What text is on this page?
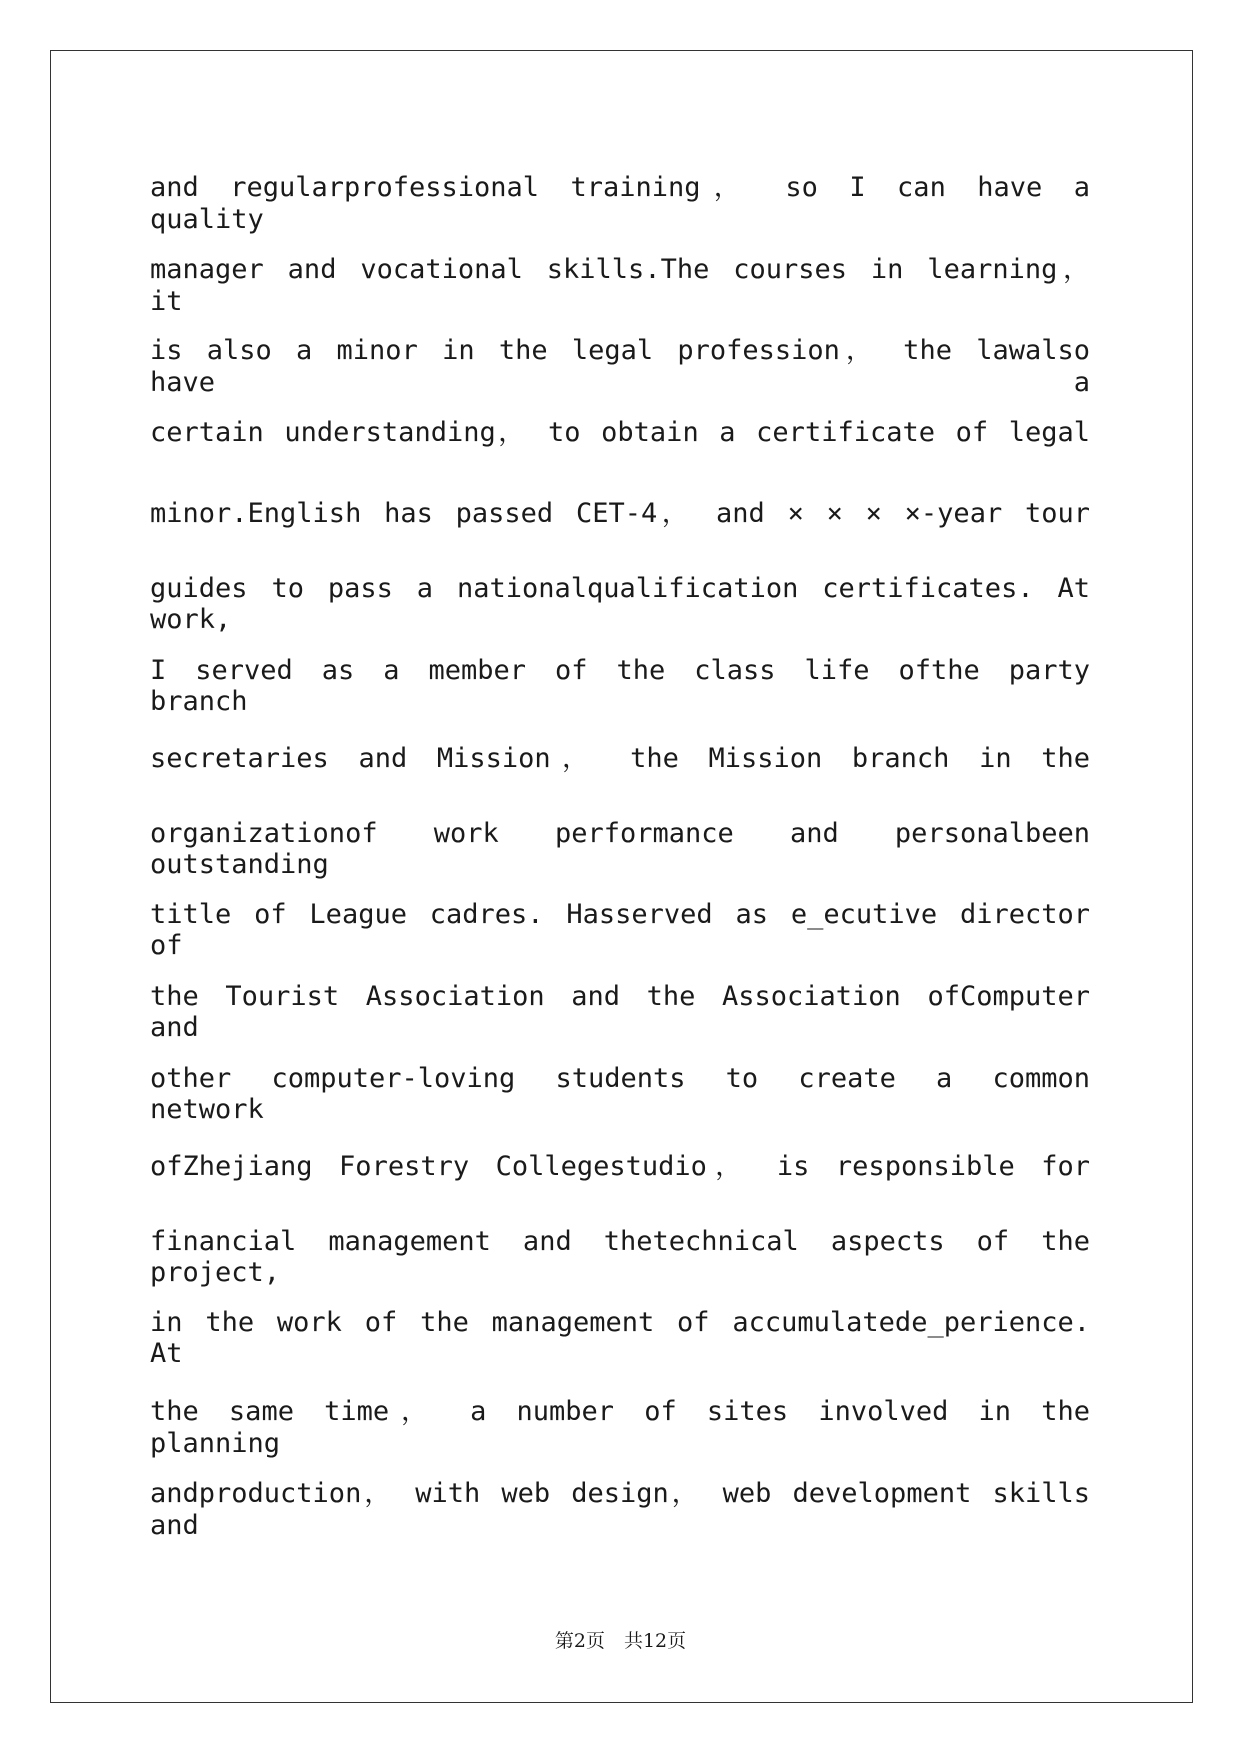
and regularprofessional training， so I can have a quality
manager and vocational skills.The courses in learning， it
is also a minor in the legal profession， the lawalso have a
certain understanding， to obtain a certificate of legal
minor.English has passed CET-4， and × × × ×-year tour
guides to pass a nationalqualification certificates. At work,
I served as a member of the class life ofthe party branch
secretaries and Mission， the Mission branch in the
organizationof work performance and personalbeen outstanding
title of League cadres. Hasserved as e_ecutive director of
the Tourist Association and the Association ofComputer and
other computer-loving students to create a common network
ofZhejiang Forestry Collegestudio， is responsible for
financial management and thetechnical aspects of the project,
in the work of the management of accumulatede_perience. At
the same time， a number of sites involved in the planning
andproduction， with web design， web development skills and
第2页　共12页
